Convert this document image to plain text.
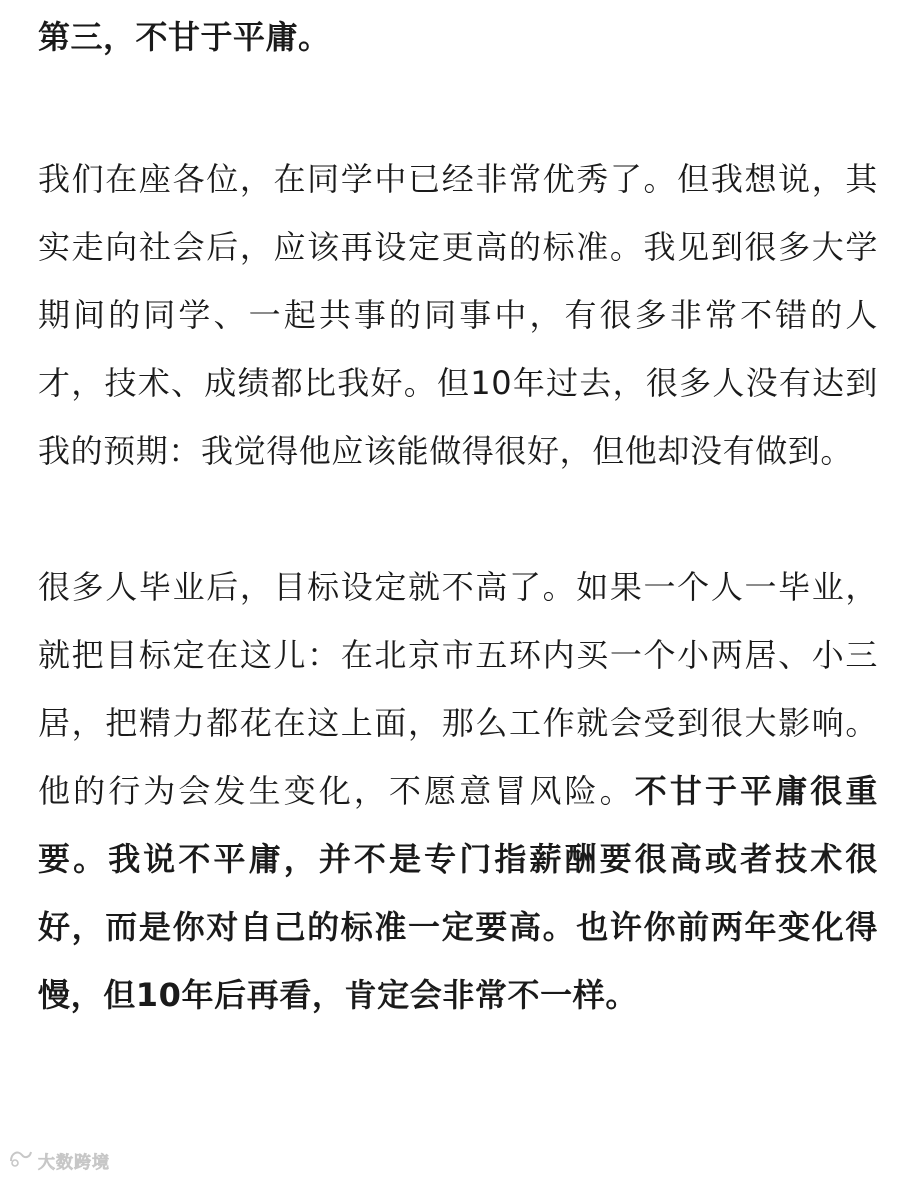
第三，不甘于平庸。

我们在座各位，在同学中已经非常优秀了。但我想说，其实走向社会后，应该再设定更高的标准。我见到很多大学期间的同学、一起共事的同事中，有很多非常不错的人才，技术、成绩都比我好。但10年过去，很多人没有达到我的预期：我觉得他应该能做得很好，但他却没有做到。

很多人毕业后，目标设定就不高了。如果一个人一毕业，就把目标定在这儿：在北京市五环内买一个小两居、小三居，把精力都花在这上面，那么工作就会受到很大影响。他的行为会发生变化，不愿意冒风险。不甘于平庸很重要。我说不平庸，并不是专门指薪酬要很高或者技术很好，而是你对自己的标准一定要高。也许你前两年变化得慢，但10年后再看，肯定会非常不一样。

大数跨境
